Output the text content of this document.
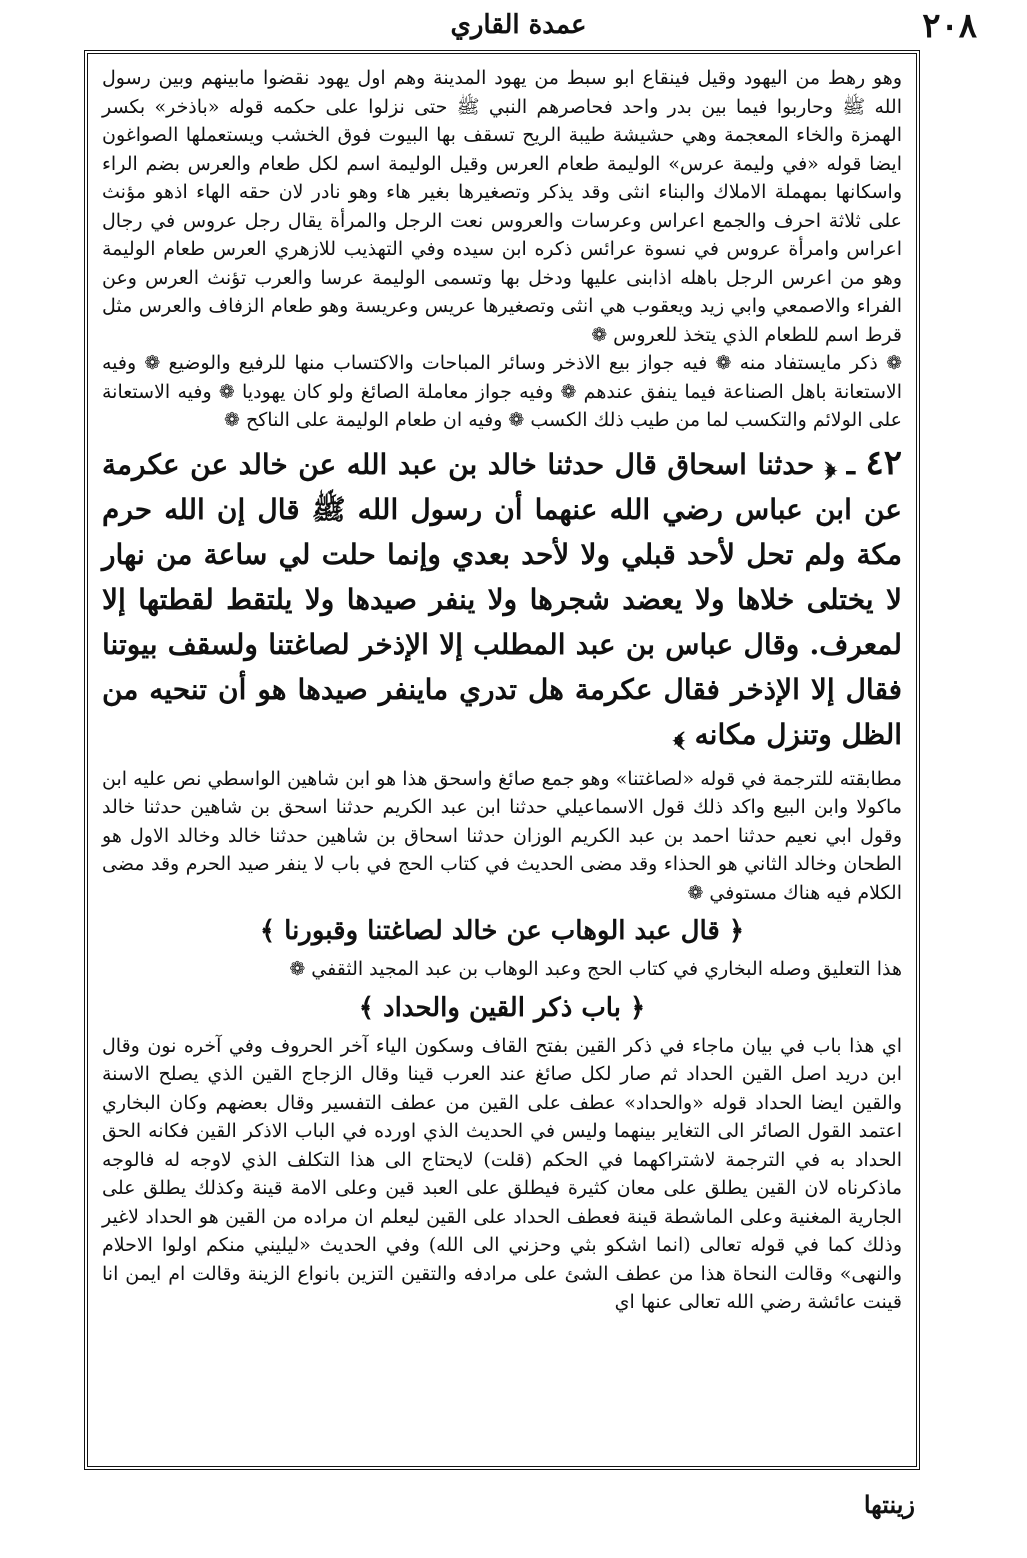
٢٠٨
عمدة القاري

وهو رهط من اليهود وقيل فينقاع ابو سبط من يهود المدينة وهم اول يهود نقضوا مابينهم وبين رسول الله ﷺ وحاربوا فيما بين بدر واحد فحاصرهم النبي ﷺ حتى نزلوا على حكمه قوله «باذخر» بكسر الهمزة والخاء المعجمة وهي حشيشة طيبة الريح تسقف بها البيوت فوق الخشب ويستعملها الصواغون ايضا قوله «في وليمة عرس» الوليمة طعام العرس وقيل الوليمة اسم لكل طعام والعرس بضم الراء واسكانها بمهملة الاملاك والبناء انثى وقد يذكر وتصغيرها بغير هاء وهو نادر لان حقه الهاء اذهو مؤنث على ثلاثة احرف والجمع اعراس وعرسات والعروس نعت الرجل والمرأة يقال رجل عروس في رجال اعراس وامرأة عروس في نسوة عرائس ذكره ابن سيده وفي التهذيب للازهري العرس طعام الوليمة وهو من اعرس الرجل باهله اذابنى عليها ودخل بها وتسمى الوليمة عرسا والعرب تؤنث العرس وعن الفراء والاصمعي وابي زيد ويعقوب هي انثى وتصغيرها عريس وعريسة وهو طعام الزفاف والعرس مثل قرط اسم للطعام الذي يتخذ للعروس ❁

❁ ذكر مايستفاد منه ❁ فيه جواز بيع الاذخر وسائر المباحات والاكتساب منها للرفيع والوضيع ❁ وفيه الاستعانة باهل الصناعة فيما ينفق عندهم ❁ وفيه جواز معاملة الصائغ ولو كان يهوديا ❁ وفيه الاستعانة على الولائم والتكسب لما من طيب ذلك الكسب ❁ وفيه ان طعام الوليمة على الناكح ❁

٤٢ ـ ﴿ حدثنا اسحاق قال حدثنا خالد بن عبد الله عن خالد عن عكرمة عن ابن عباس رضي الله عنهما أن رسول الله ﷺ قال إن الله حرم مكة ولم تحل لأحد قبلي ولا لأحد بعدي وإنما حلت لي ساعة من نهار لا يختلى خلاها ولا يعضد شجرها ولا ينفر صيدها ولا يلتقط لقطتها إلا لمعرف. وقال عباس بن عبد المطلب إلا الإذخر لصاغتنا ولسقف بيوتنا فقال إلا الإذخر فقال عكرمة هل تدري ماينفر صيدها هو أن تنحيه من الظل وتنزل مكانه ﴾

مطابقته للترجمة في قوله «لصاغتنا» وهو جمع صائغ واسحق هذا هو ابن شاهين الواسطي نص عليه ابن ماكولا وابن البيع واكد ذلك قول الاسماعيلي حدثنا ابن عبد الكريم حدثنا اسحق بن شاهين حدثنا خالد وقول ابي نعيم حدثنا احمد بن عبد الكريم الوزان حدثنا اسحاق بن شاهين حدثنا خالد وخالد الاول هو الطحان وخالد الثاني هو الحذاء وقد مضى الحديث في كتاب الحج في باب لا ينفر صيد الحرم وقد مضى الكلام فيه هناك مستوفي ❁

﴿ قال عبد الوهاب عن خالد لصاغتنا وقبورنا ﴾

هذا التعليق وصله البخاري في كتاب الحج وعبد الوهاب بن عبد المجيد الثقفي ❁

﴿ باب ذكر القين والحداد ﴾

اي هذا باب في بيان ماجاء في ذكر القين بفتح القاف وسكون الياء آخر الحروف وفي آخره نون وقال ابن دريد اصل القين الحداد ثم صار لكل صائغ عند العرب قينا وقال الزجاج القين الذي يصلح الاسنة والقين ايضا الحداد قوله «والحداد» عطف على القين من عطف التفسير وقال بعضهم وكان البخاري اعتمد القول الصائر الى التغاير بينهما وليس في الحديث الذي اورده في الباب الاذكر القين فكانه الحق الحداد به في الترجمة لاشتراكهما في الحكم (قلت) لايحتاج الى هذا التكلف الذي لاوجه له فالوجه ماذكرناه لان القين يطلق على معان كثيرة فيطلق على العبد قين وعلى الامة قينة وكذلك يطلق على الجارية المغنية وعلى الماشطة قينة فعطف الحداد على القين ليعلم ان مراده من القين هو الحداد لاغير وذلك كما في قوله تعالى (انما اشكو بثي وحزني الى الله) وفي الحديث «ليليني منكم اولوا الاحلام والنهى» وقالت النحاة هذا من عطف الشئ على مرادفه والتقين التزين بانواع الزينة وقالت ام ايمن انا قينت عائشة رضي الله تعالى عنها اي

زينتها
